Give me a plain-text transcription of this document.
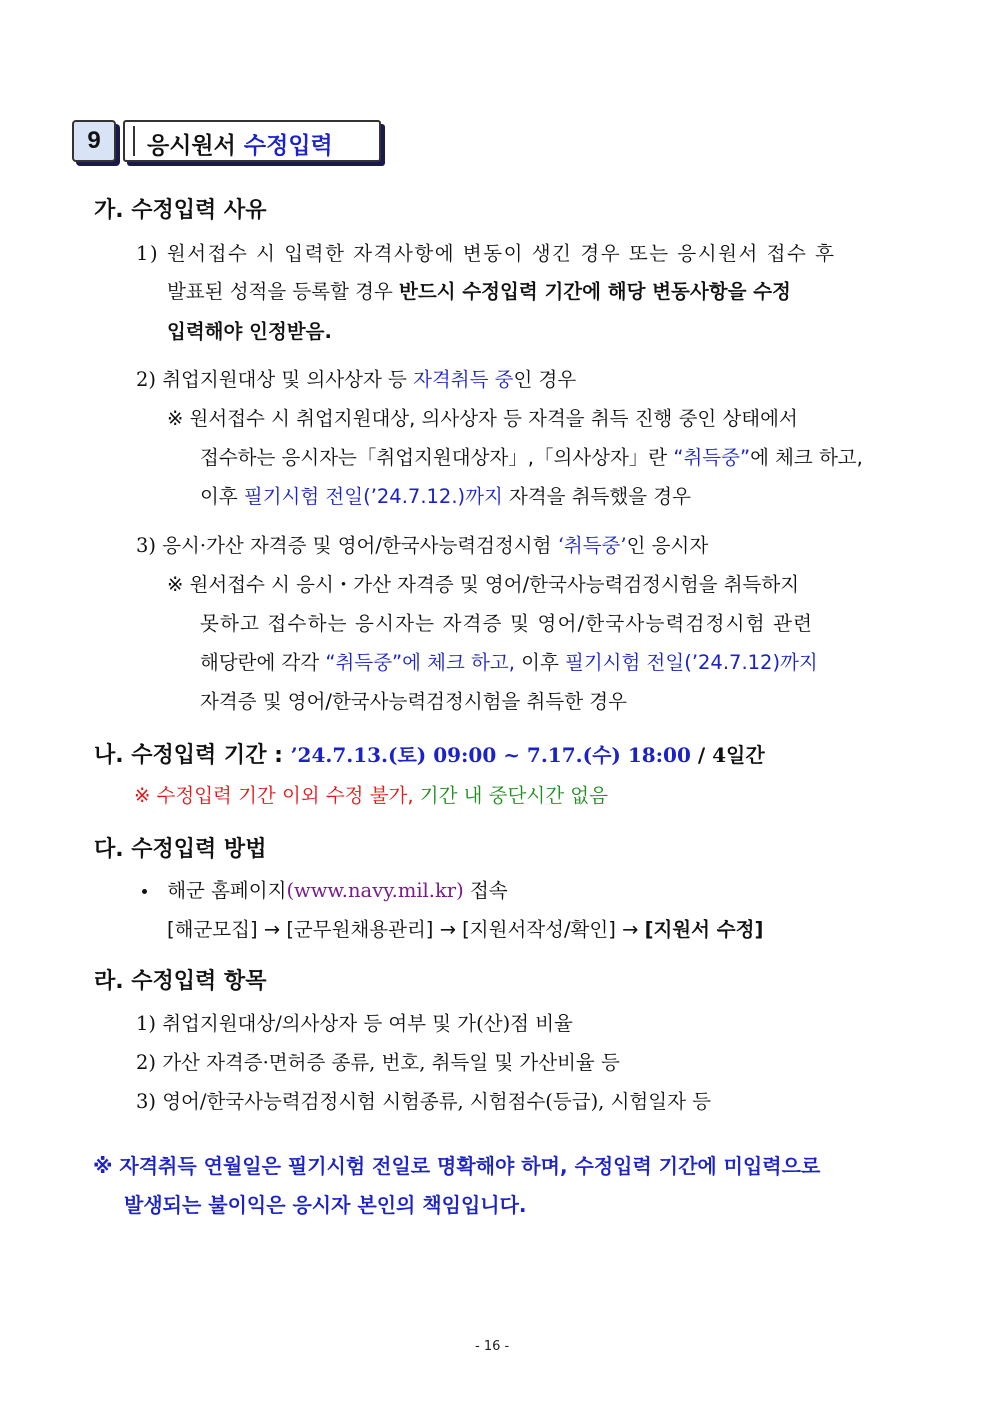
9 응시원서 수정입력
가. 수정입력 사유
1) 원서접수 시 입력한 자격사항에 변동이 생긴 경우 또는 응시원서 접수 후
발표된 성적을 등록할 경우 반드시 수정입력 기간에 해당 변동사항을 수정
입력해야 인정받음.
2) 취업지원대상 및 의사상자 등 자격취득 중인 경우
※ 원서접수 시 취업지원대상, 의사상자 등 자격을 취득 진행 중인 상태에서
접수하는 응시자는「취업지원대상자」,「의사상자」란 “취득중”에 체크 하고,
이후 필기시험 전일(’24.7.12.)까지 자격을 취득했을 경우
3) 응시·가산 자격증 및 영어/한국사능력검정시험 ‘취득중’인 응시자
※ 원서접수 시 응시・가산 자격증 및 영어/한국사능력검정시험을 취득하지
못하고 접수하는 응시자는 자격증 및 영어/한국사능력검정시험 관련
해당란에 각각 “취득중”에 체크 하고, 이후 필기시험 전일(’24.7.12)까지
자격증 및 영어/한국사능력검정시험을 취득한 경우
나. 수정입력 기간 : ’24.7.13.(토) 09:00 ~ 7.17.(수) 18:00 / 4일간
※ 수정입력 기간 이외 수정 불가, 기간 내 중단시간 없음
다. 수정입력 방법
해군 홈페이지(www.navy.mil.kr) 접속
[해군모집] → [군무원채용관리] → [지원서작성/확인] → [지원서 수정]
라. 수정입력 항목
1) 취업지원대상/의사상자 등 여부 및 가(산)점 비율
2) 가산 자격증·면허증 종류, 번호, 취득일 및 가산비율 등
3) 영어/한국사능력검정시험 시험종류, 시험점수(등급), 시험일자 등
※ 자격취득 연월일은 필기시험 전일로 명확해야 하며, 수정입력 기간에 미입력으로
발생되는 불이익은 응시자 본인의 책임입니다.
- 16 -
